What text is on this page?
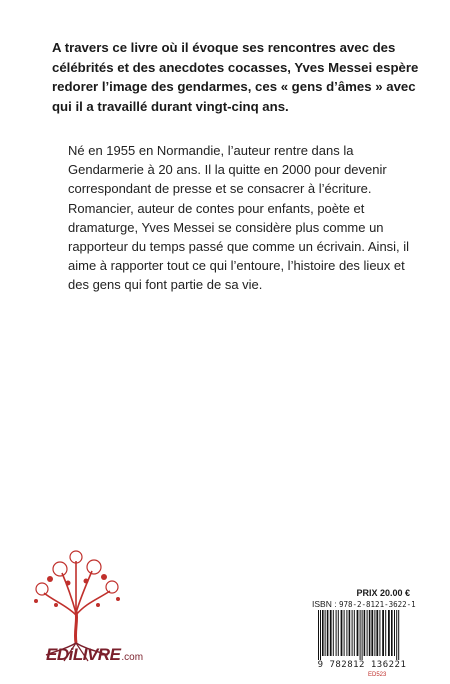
A travers ce livre où il évoque ses rencontres avec des célébrités et des anecdotes cocasses, Yves Messei espère redorer l’image des gendarmes, ces « gens d’âmes » avec qui il a travaillé durant vingt-cinq ans.

Né en 1955 en Normandie, l’auteur rentre dans la Gendarmerie à 20 ans. Il la quitte en 2000 pour devenir correspondant de presse et se consacrer à l’écriture. Romancier, auteur de contes pour enfants, poète et dramaturge, Yves Messei se considère plus comme un rapporteur du temps passé que comme un écrivain. Ainsi, il aime à rapporter tout ce qui l’entoure, l’histoire des lieux et des gens qui font partie de sa vie.

EDiLIVRE.com

PRIX 20.00 €

ISBN : 978-2-8121-3622-1

9 782812 136221
ED523
